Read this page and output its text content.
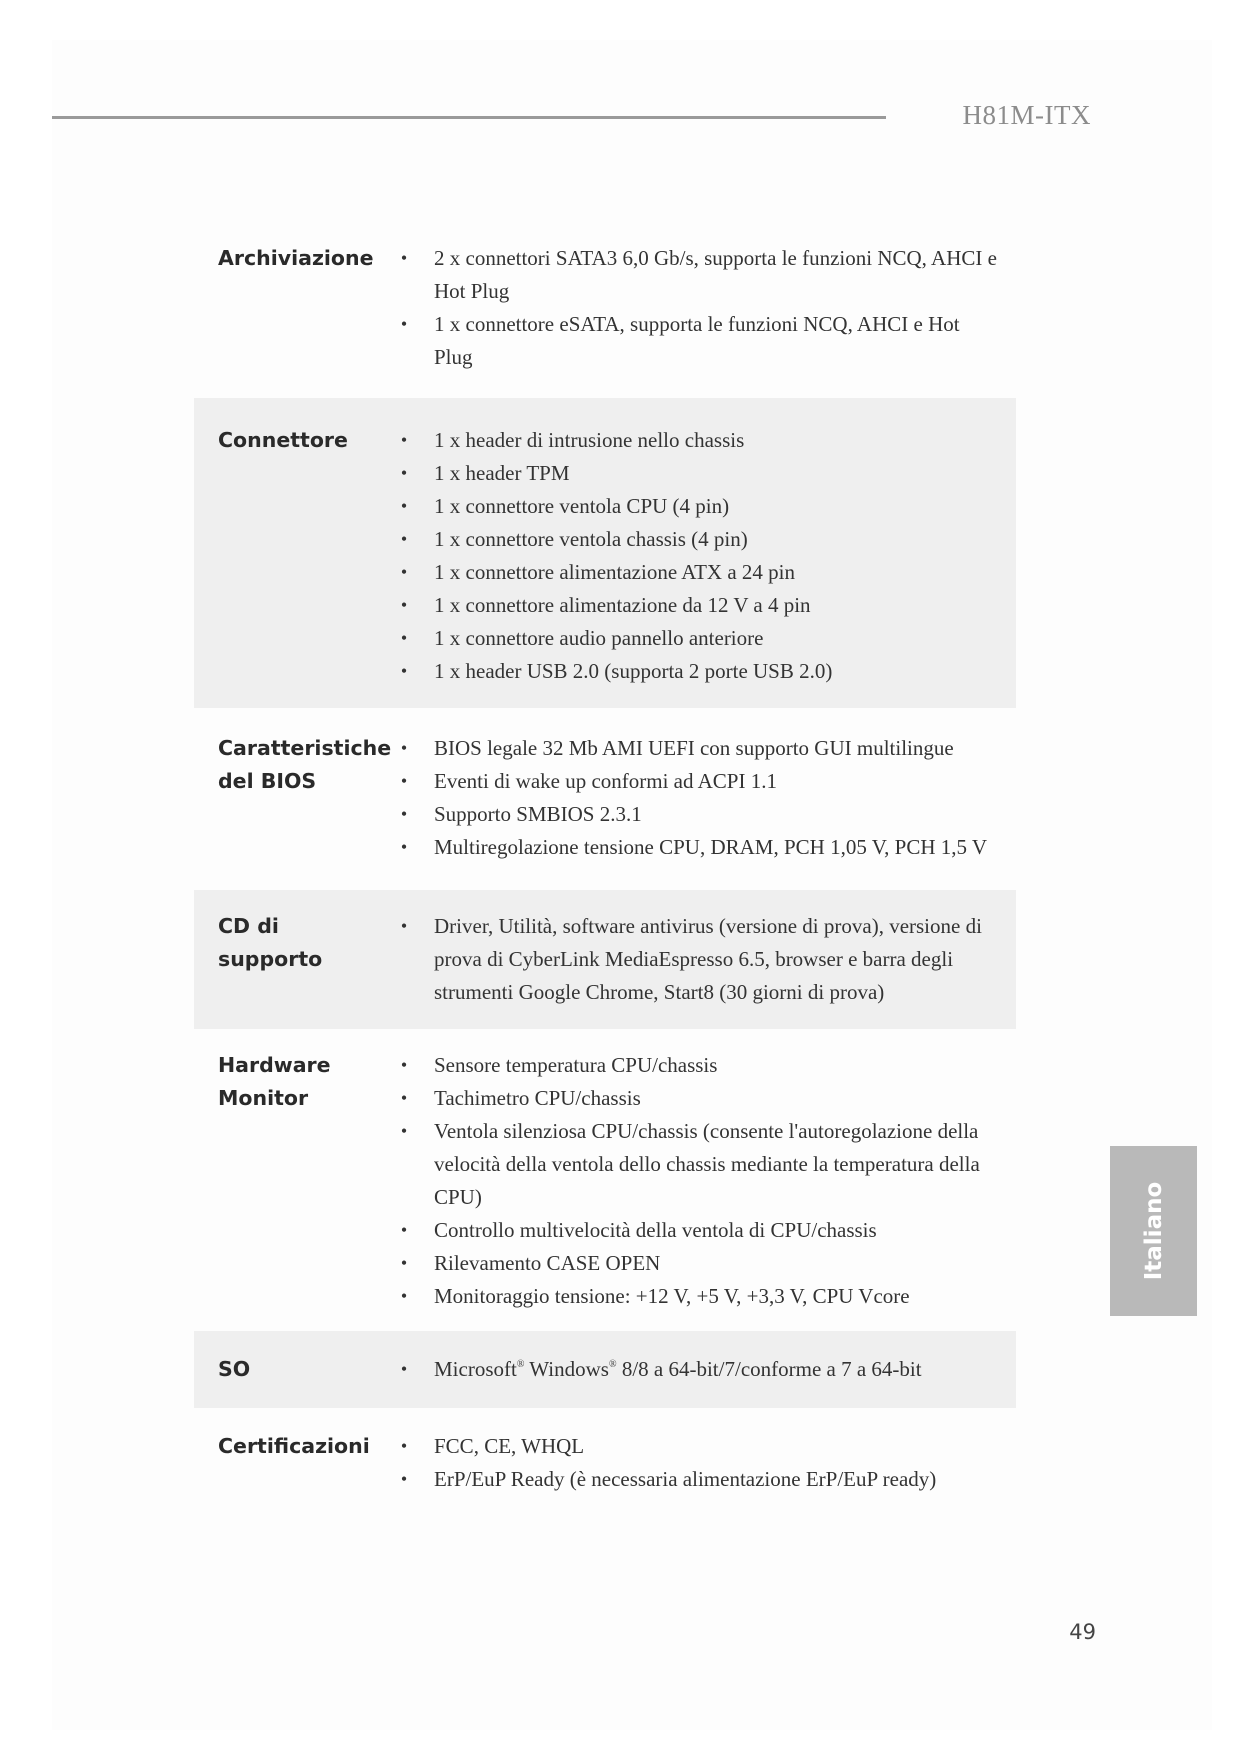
H81M-ITX
Archiviazione	•	2 x connettori SATA3 6,0 Gb/s, supporta le funzioni NCQ, AHCI e Hot Plug
•	1 x connettore eSATA, supporta le funzioni NCQ, AHCI e Hot Plug
Connettore	•	1 x header di intrusione nello chassis
•	1 x header TPM
•	1 x connettore ventola CPU (4 pin)
•	1 x connettore ventola chassis (4 pin)
•	1 x connettore alimentazione ATX a 24 pin
•	1 x connettore alimentazione da 12 V a 4 pin
•	1 x connettore audio pannello anteriore
•	1 x header USB 2.0 (supporta 2 porte USB 2.0)
Caratteristiche
del BIOS
•	BIOS legale 32 Mb AMI UEFI con supporto GUI multilingue
•	Eventi di wake up conformi ad ACPI 1.1
•	Supporto SMBIOS 2.3.1
•	Multiregolazione tensione CPU, DRAM, PCH 1,05 V, PCH 1,5 V
CD di
supporto
•	Driver, Utilità, software antivirus (versione di prova), versione di prova di CyberLink MediaEspresso 6.5, browser e barra degli strumenti Google Chrome, Start8 (30 giorni di prova)
Hardware
Monitor
•	Sensore temperatura CPU/chassis
•	Tachimetro CPU/chassis
•	Ventola silenziosa CPU/chassis (consente l'autoregolazione della velocità della ventola dello chassis mediante la temperatura della CPU)
•	Controllo multivelocità della ventola di CPU/chassis
•	Rilevamento CASE OPEN
•	Monitoraggio tensione: +12 V, +5 V, +3,3 V, CPU Vcore
SO	•	Microsoft® Windows® 8/8 a 64-bit/7/conforme a 7 a 64-bit
Certificazioni	•	FCC, CE, WHQL
•	ErP/EuP Ready (è necessaria alimentazione ErP/EuP ready)
Italiano
49
